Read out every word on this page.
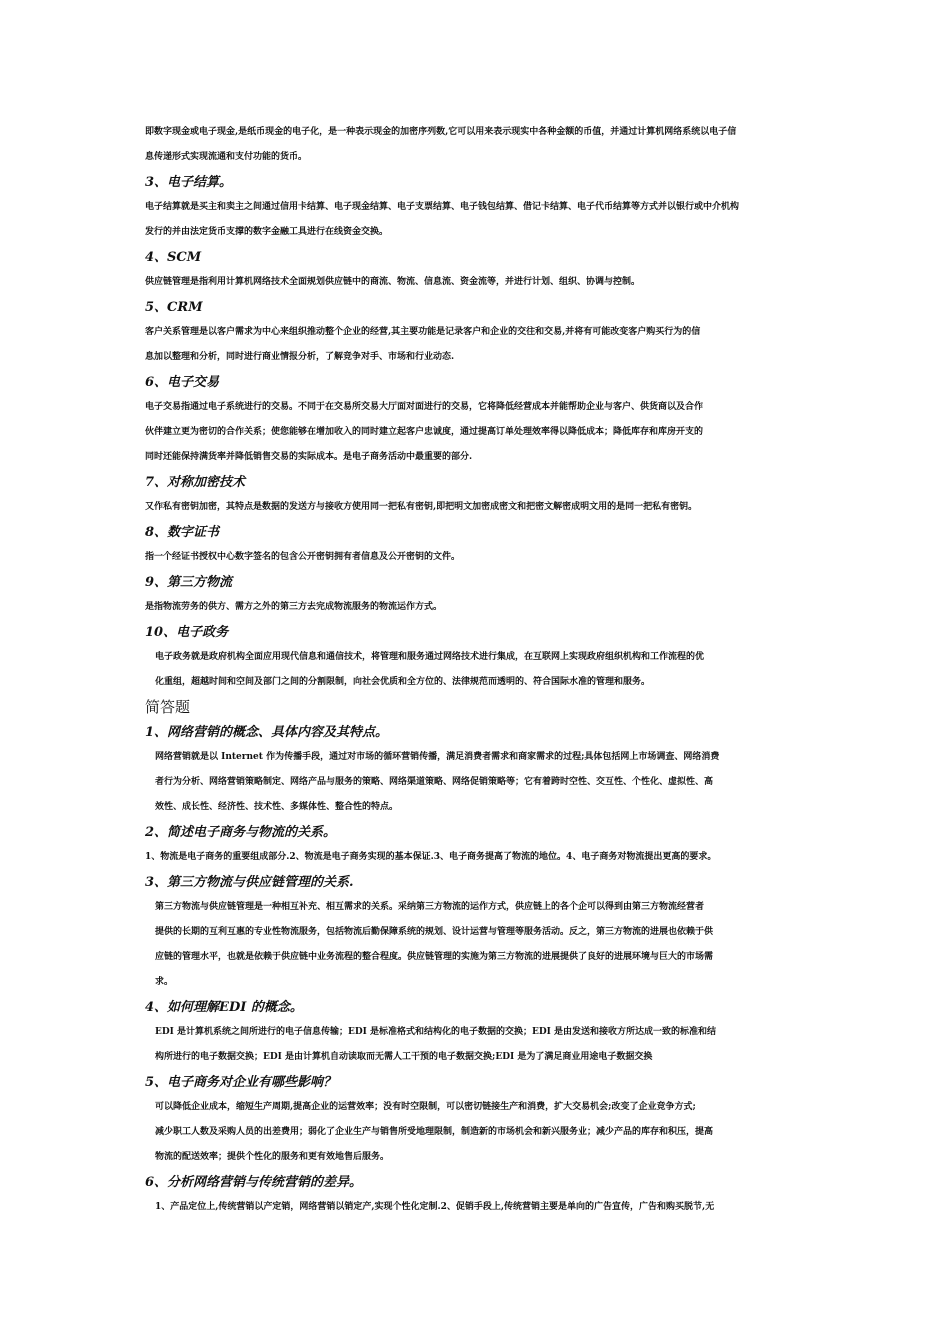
即数字现金或电子现金,是纸币现金的电子化，是一种表示现金的加密序列数,它可以用来表示现实中各种金额的币值，并通过计算机网络系统以电子信
息传递形式实现流通和支付功能的货币。
3、电子结算。
电子结算就是买主和卖主之间通过信用卡结算、电子现金结算、电子支票结算、电子钱包结算、借记卡结算、电子代币结算等方式并以银行或中介机构
发行的并由法定货币支撑的数字金融工具进行在线资金交换。
4、SCM
供应链管理是指利用计算机网络技术全面规划供应链中的商流、物流、信息流、资金流等，并进行计划、组织、协调与控制。
5、CRM
客户关系管理是以客户需求为中心来组织推动整个企业的经营,其主要功能是记录客户和企业的交往和交易,并将有可能改变客户购买行为的信
息加以整理和分析，同时进行商业情报分析，了解竞争对手、市场和行业动态.
6、电子交易
电子交易指通过电子系统进行的交易。不同于在交易所交易大厅面对面进行的交易，它将降低经营成本并能帮助企业与客户、供货商以及合作
伙伴建立更为密切的合作关系；使您能够在增加收入的同时建立起客户忠诚度，通过提高订单处理效率得以降低成本；降低库存和库房开支的
同时还能保持满货率并降低销售交易的实际成本。是电子商务活动中最重要的部分.
7、对称加密技术
又作私有密钥加密，其特点是数据的发送方与接收方使用同一把私有密钥,即把明文加密成密文和把密文解密成明文用的是同一把私有密钥。
8、数字证书
指一个经证书授权中心数字签名的包含公开密钥拥有者信息及公开密钥的文件。
9、第三方物流
是指物流劳务的供方、需方之外的第三方去完成物流服务的物流运作方式。
10、电子政务
电子政务就是政府机构全面应用现代信息和通信技术，将管理和服务通过网络技术进行集成，在互联网上实现政府组织机构和工作流程的优
化重组，超越时间和空间及部门之间的分割限制，向社会优质和全方位的、法律规范而透明的、符合国际水准的管理和服务。
简答题
1、网络营销的概念、具体内容及其特点。
网络营销就是以 Internet 作为传播手段，通过对市场的循环营销传播，满足消费者需求和商家需求的过程;具体包括网上市场调查、网络消费
者行为分析、网络营销策略制定、网络产品与服务的策略、网络渠道策略、网络促销策略等；它有着跨时空性、交互性、个性化、虚拟性、高
效性、成长性、经济性、技术性、多媒体性、整合性的特点。
2、简述电子商务与物流的关系。
1、物流是电子商务的重要组成部分.2、物流是电子商务实现的基本保证.3、电子商务提高了物流的地位。4、电子商务对物流提出更高的要求。
3、第三方物流与供应链管理的关系.
第三方物流与供应链管理是一种相互补充、相互需求的关系。采纳第三方物流的运作方式，供应链上的各个企可以得到由第三方物流经营者
提供的长期的互利互惠的专业性物流服务，包括物流后勤保障系统的规划、设计运营与管理等服务活动。反之，第三方物流的进展也依赖于供
应链的管理水平，也就是依赖于供应链中业务流程的整合程度。供应链管理的实施为第三方物流的进展提供了良好的进展环境与巨大的市场需
求。
4、如何理解EDI 的概念。
EDI 是计算机系统之间所进行的电子信息传输；EDI 是标准格式和结构化的电子数据的交换；EDI 是由发送和接收方所达成一致的标准和结
构所进行的电子数据交换；EDI 是由计算机自动读取而无需人工干预的电子数据交换;EDI 是为了满足商业用途电子数据交换
5、电子商务对企业有哪些影响？
可以降低企业成本，缩短生产周期,提高企业的运营效率；没有时空限制，可以密切链接生产和消费，扩大交易机会;改变了企业竞争方式;
减少职工人数及采购人员的出差费用；弱化了企业生产与销售所受地理限制，制造新的市场机会和新兴服务业；减少产品的库存和积压，提高
物流的配送效率；提供个性化的服务和更有效地售后服务。
6、分析网络营销与传统营销的差异。
1、产品定位上,传统营销以产定销，网络营销以销定产,实现个性化定制.2、促销手段上,传统营销主要是单向的广告宣传，广告和购买脱节,无
